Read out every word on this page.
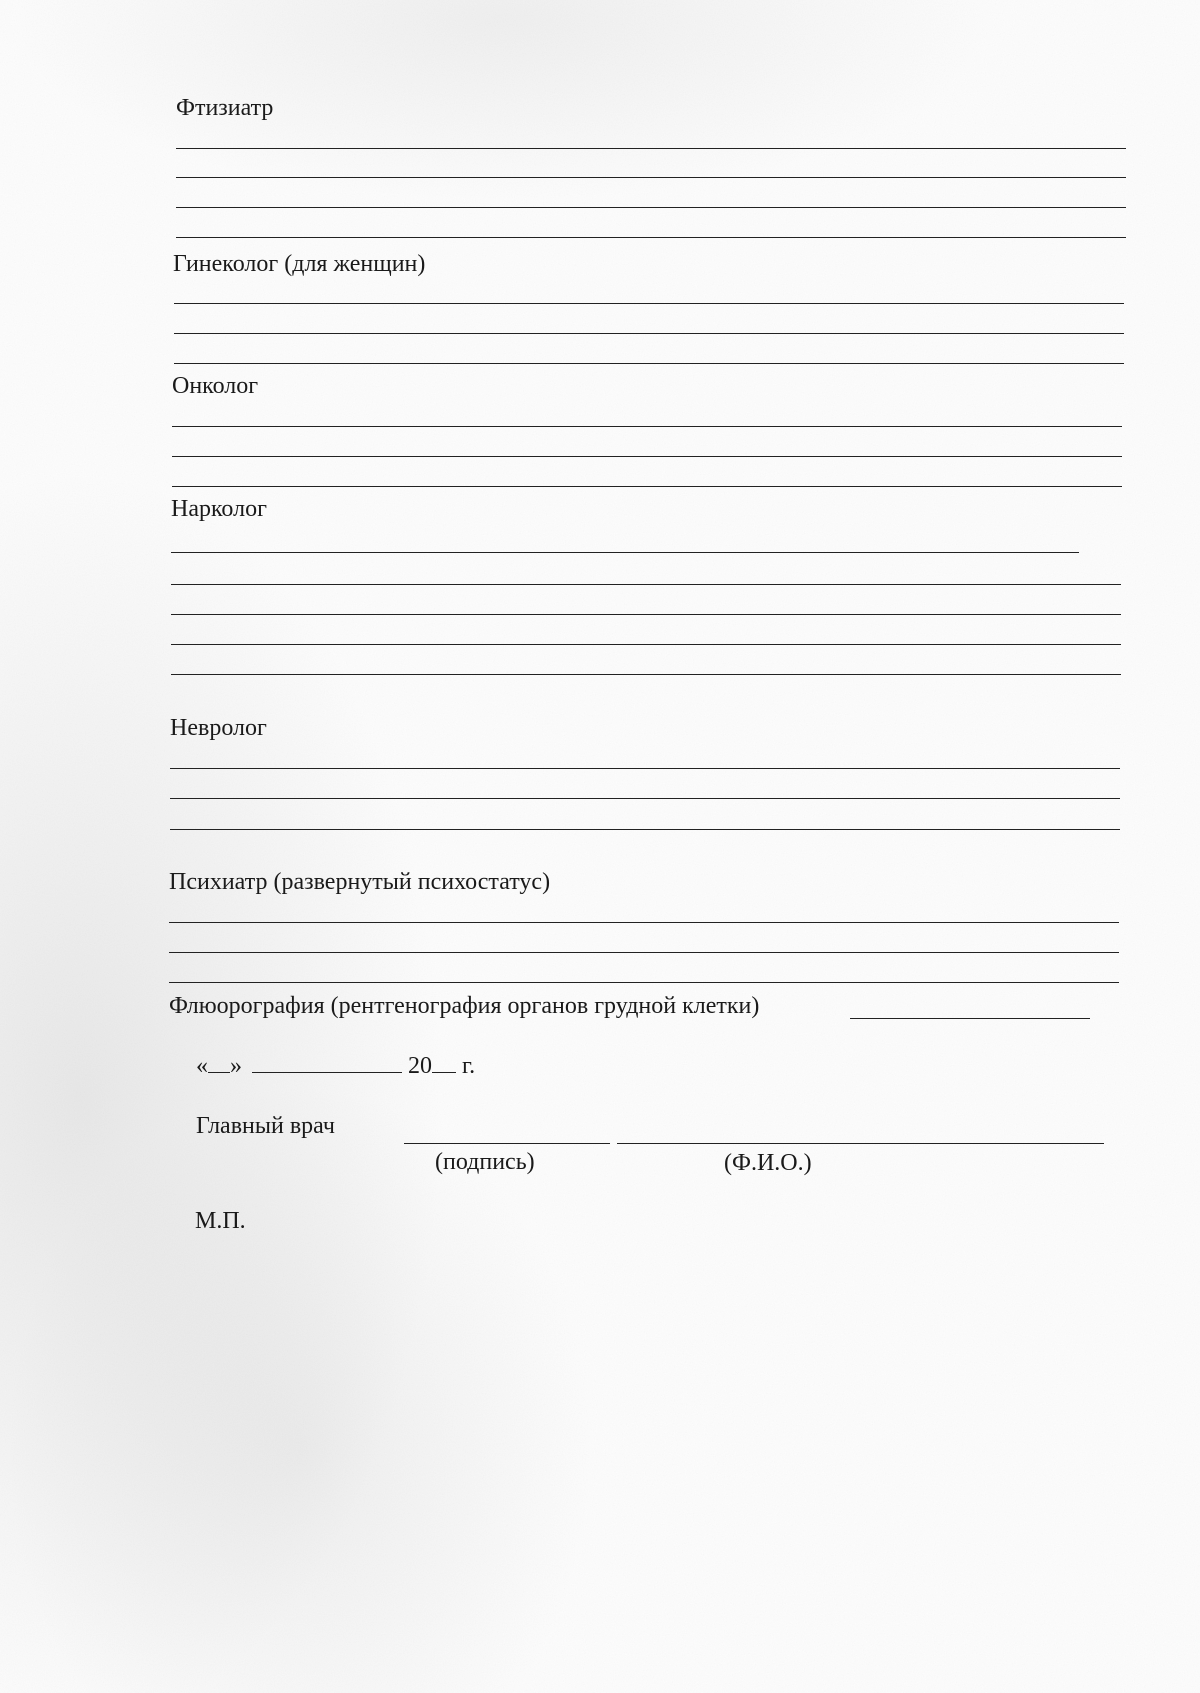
Фтизиатр
Гинеколог (для женщин)
Онколог
Нарколог
Невролог
Психиатр (развернутый психостатус)
Флюорография (рентгенография органов грудной клетки)
« »	20 г.
Главный врач
(подпись)	(Ф.И.О.)
М.П.
